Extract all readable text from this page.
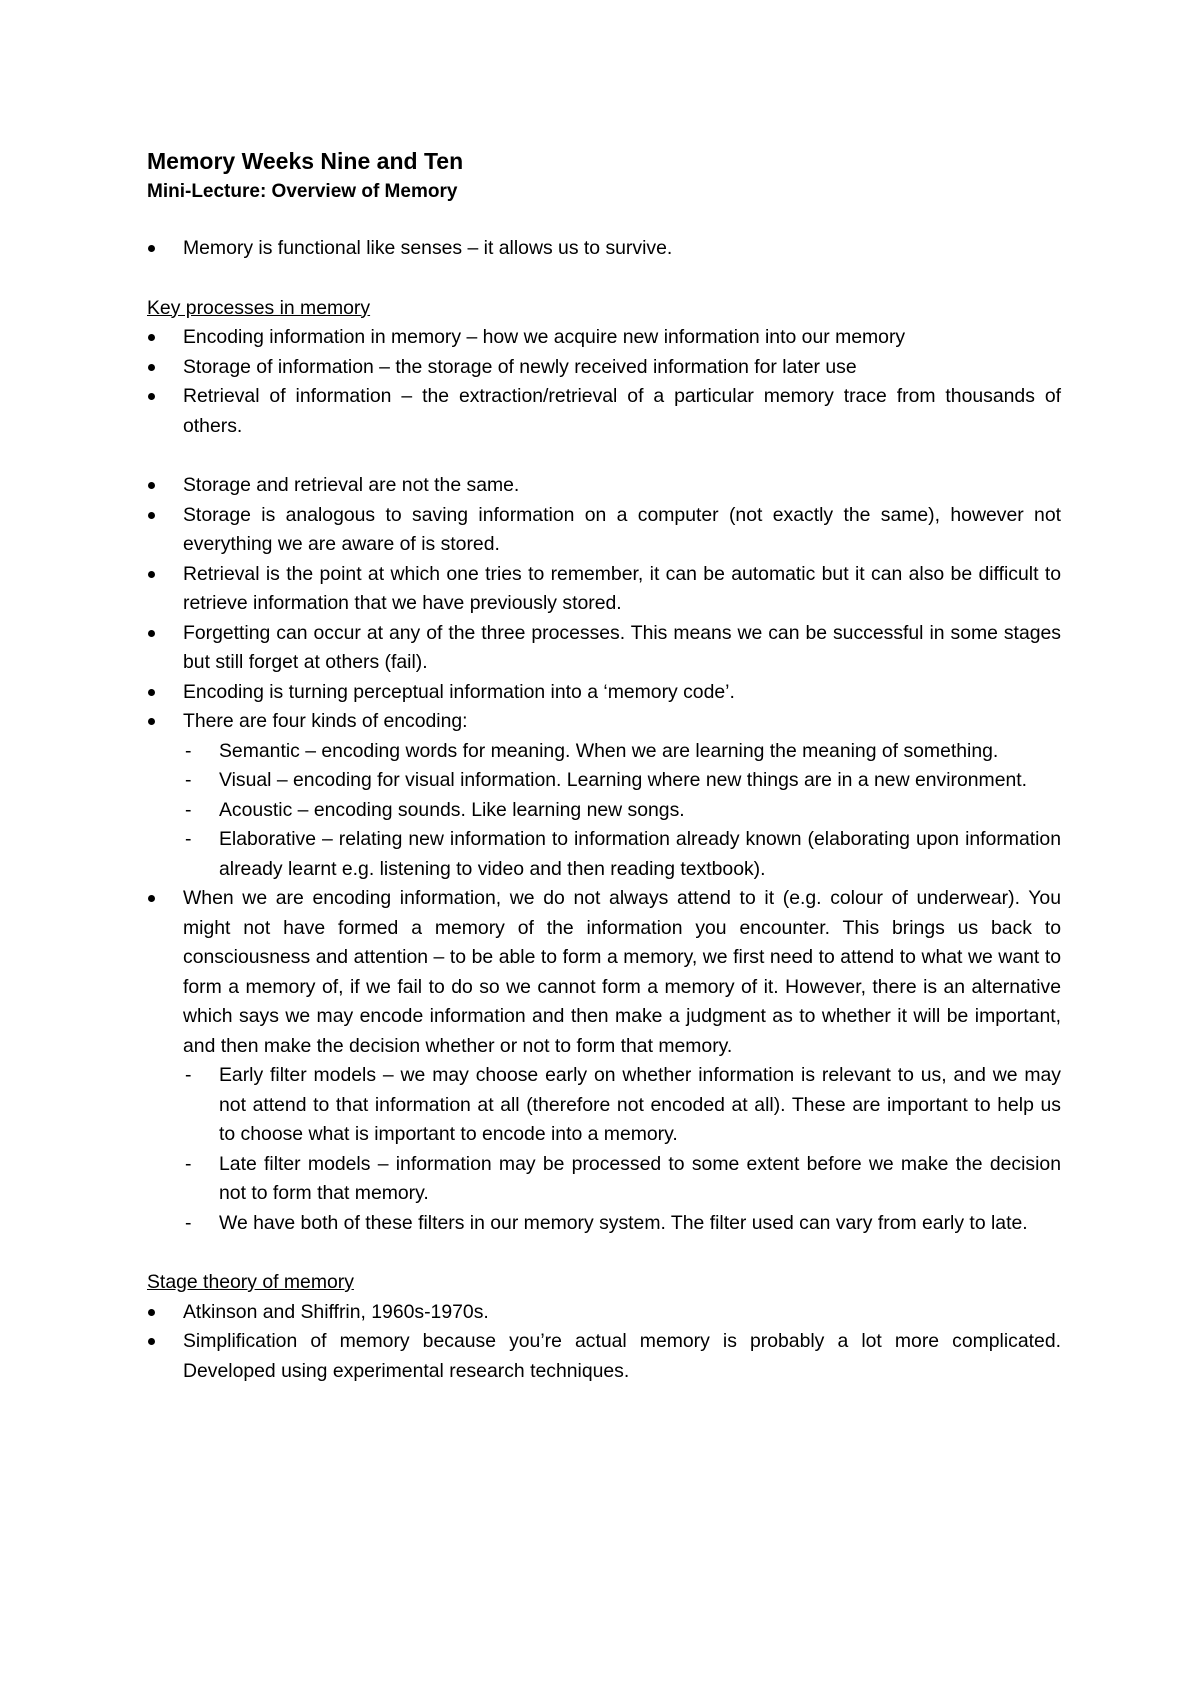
Memory Weeks Nine and Ten
Mini-Lecture: Overview of Memory
Memory is functional like senses – it allows us to survive.

Key processes in memory

Encoding information in memory – how we acquire new information into our memory
Storage of information – the storage of newly received information for later use
Retrieval of information – the extraction/retrieval of a particular memory trace from thousands of others.
Storage and retrieval are not the same.
Storage is analogous to saving information on a computer (not exactly the same), however not everything we are aware of is stored.
Retrieval is the point at which one tries to remember, it can be automatic but it can also be difficult to retrieve information that we have previously stored.
Forgetting can occur at any of the three processes. This means we can be successful in some stages but still forget at others (fail).
Encoding is turning perceptual information into a ‘memory code’.
There are four kinds of encoding:
- Semantic – encoding words for meaning. When we are learning the meaning of something.
- Visual – encoding for visual information. Learning where new things are in a new environment.
- Acoustic – encoding sounds. Like learning new songs.
- Elaborative – relating new information to information already known (elaborating upon information already learnt e.g. listening to video and then reading textbook).
When we are encoding information, we do not always attend to it (e.g. colour of underwear). You might not have formed a memory of the information you encounter. This brings us back to consciousness and attention – to be able to form a memory, we first need to attend to what we want to form a memory of, if we fail to do so we cannot form a memory of it. However, there is an alternative which says we may encode information and then make a judgment as to whether it will be important, and then make the decision whether or not to form that memory.
- Early filter models – we may choose early on whether information is relevant to us, and we may not attend to that information at all (therefore not encoded at all). These are important to help us to choose what is important to encode into a memory.
- Late filter models – information may be processed to some extent before we make the decision not to form that memory.
- We have both of these filters in our memory system. The filter used can vary from early to late.

Stage theory of memory

Atkinson and Shiffrin, 1960s-1970s.
Simplification of memory because you’re actual memory is probably a lot more complicated. Developed using experimental research techniques.
